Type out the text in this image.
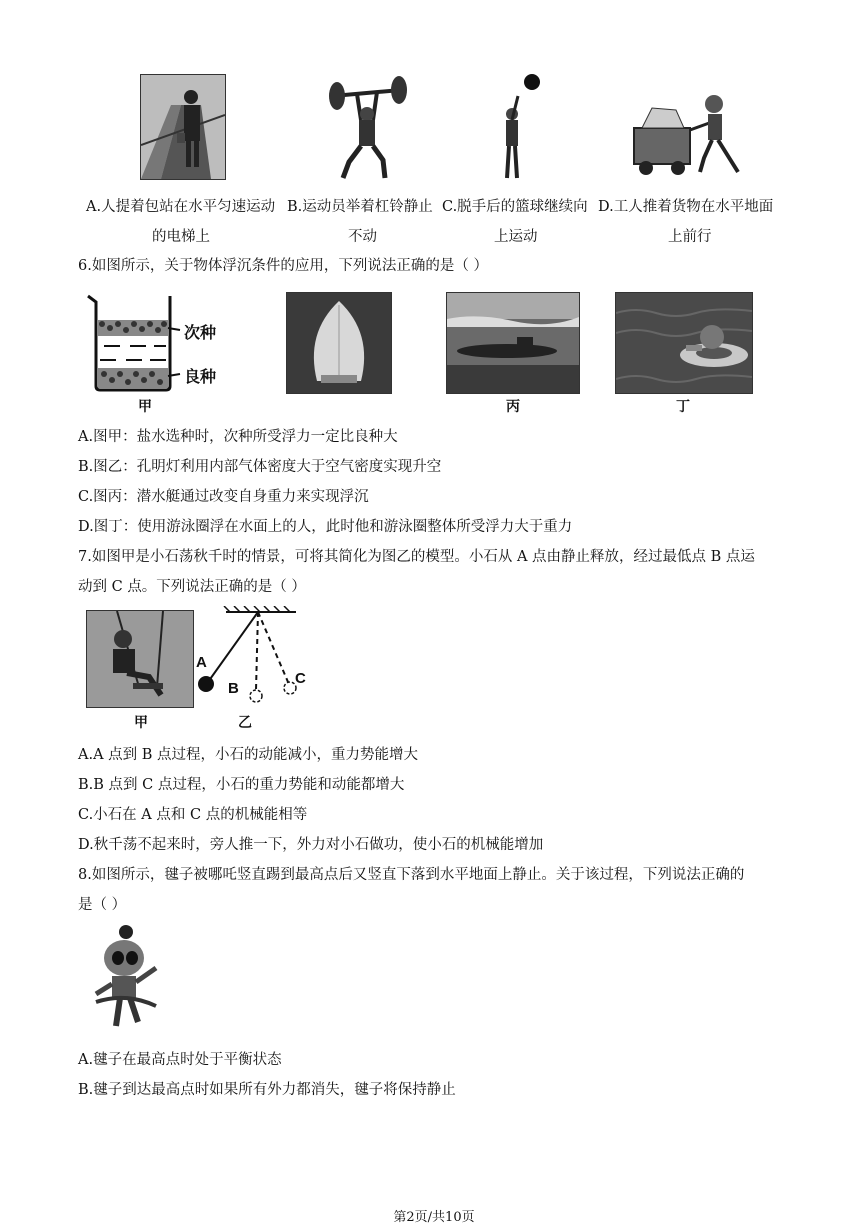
A.人提着包站在水平匀速运动
的电梯上
B.运动员举着杠铃静止
不动
C.脱手后的篮球继续向
上运动
D.工人推着货物在水平地面
上前行
6.如图所示，关于物体浮沉条件的应用，下列说法正确的是（ ）
次种
良种
甲	丙	丁
A.图甲：盐水选种时，次种所受浮力一定比良种大
B.图乙：孔明灯利用内部气体密度大于空气密度实现升空
C.图丙：潜水艇通过改变自身重力来实现浮沉
D.图丁：使用游泳圈浮在水面上的人，此时他和游泳圈整体所受浮力大于重力
7.如图甲是小石荡秋千时的情景，可将其简化为图乙的模型。小石从 A 点由静止释放，经过最低点 B 点运
动到 C 点。下列说法正确的是（ ）
甲
A
B
C
乙
A.A 点到 B 点过程，小石的动能减小，重力势能增大
B.B 点到 C 点过程，小石的重力势能和动能都增大
C.小石在 A 点和 C 点的机械能相等
D.秋千荡不起来时，旁人推一下，外力对小石做功，使小石的机械能增加
8.如图所示，毽子被哪吒竖直踢到最高点后又竖直下落到水平地面上静止。关于该过程，下列说法正确的
是（ ）
A.毽子在最高点时处于平衡状态
B.毽子到达最高点时如果所有外力都消失，毽子将保持静止
第2页/共10页
